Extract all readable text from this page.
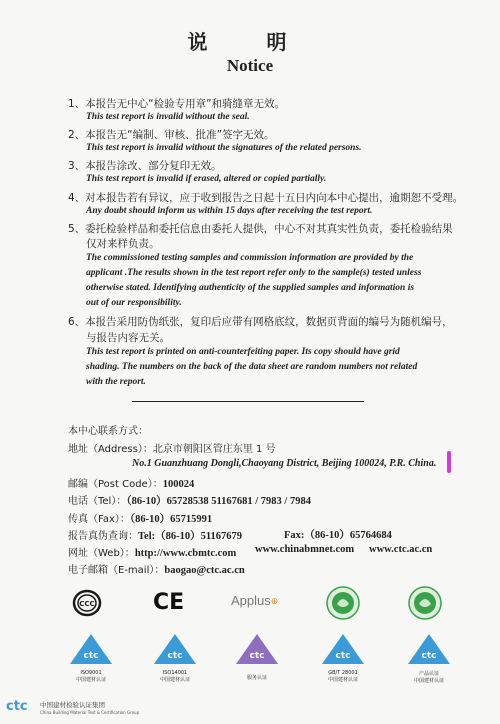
说 明
Notice
1、本报告无中心“检验专用章”和骑缝章无效。
This test report is invalid without the seal.
2、本报告无“编制、审核、批准”签字无效。
This test report is invalid without the signatures of the related persons.
3、本报告涂改、部分复印无效。
This test report is invalid if erased, altered or copied partially.
4、对本报告若有异议，应于收到报告之日起十五日内向本中心提出，逾期恕不受理。
Any doubt should inform us within 15 days after receiving the test report.
5、委托检验样品和委托信息由委托人提供，中心不对其真实性负责，委托检验结果
仅对来样负责。
The commissioned testing samples and commission information are provided by the
applicant .The results shown in the test report refer only to the sample(s) tested unless
otherwise stated. Identifying authenticity of the supplied samples and information is
out of our responsibility.
6、本报告采用防伪纸张，复印后应带有网格底纹，数据页背面的编号为随机编号，
与报告内容无关。
This test report is printed on anti-counterfeiting paper. Its copy should have grid
shading. The numbers on the back of the data sheet are random numbers not related
with the report.
本中心联系方式：
地址（Address）：北京市朝阳区管庄东里 1 号
No.1 Guanzhuang Dongli,Chaoyang District, Beijing 100024, P.R. China.
邮编（Post Code）：100024
电话（Tel）：（86-10）65728538 51167681 / 7983 / 7984
传真（Fax）：（86-10）65715991
报告真伪查询：Tel:（86-10）51167679	Fax:（86-10）65764684
网址（Web）：http://www.cbmtc.com www.chinabmnet.com www.ctc.ac.cn
电子邮箱（E-mail）：baogao@ctc.ac.cn
CCC	CE	Applus⊕
ctc
ISO9001
中国建材认证
ctc
ISO14001
中国建材认证
ctc
服务认证
ctc
GB/T 28001
中国建材认证
ctc
产品认证
中国建材认证
ctc	中国建材检验认证集团
China Building Material Test & Certification Group
